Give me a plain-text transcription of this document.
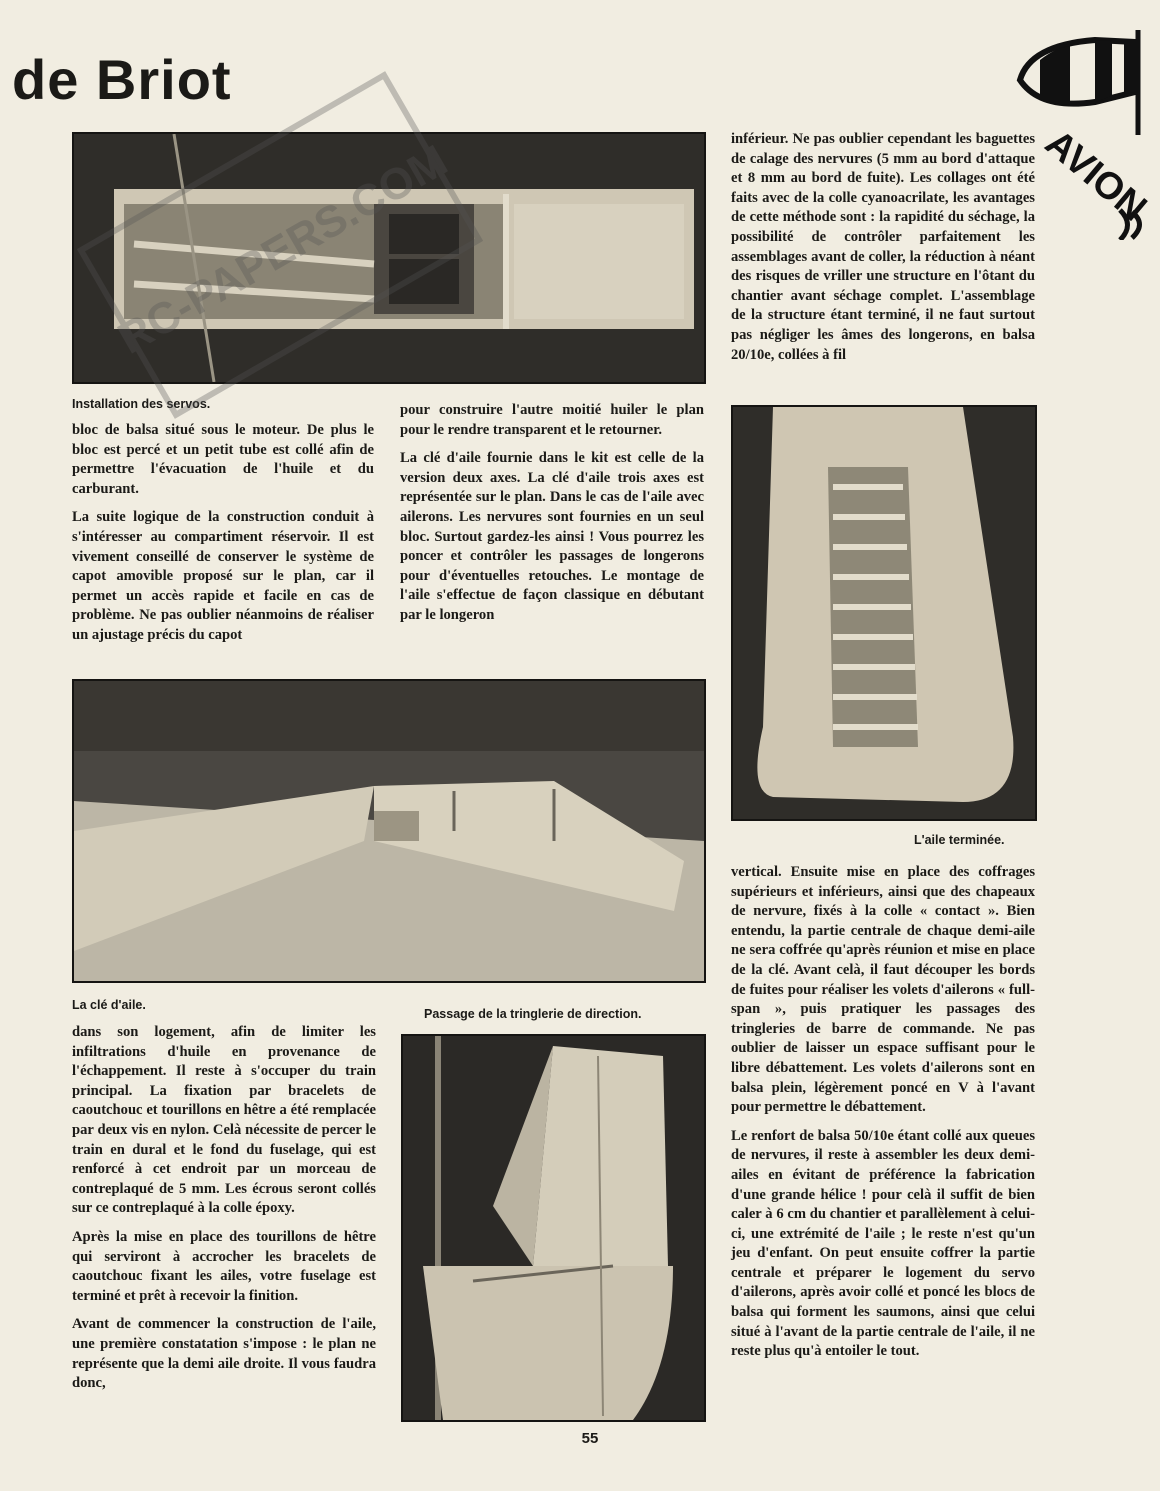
de Briot
AVION
Installation des servos.
RC-PAPERS.COM

bloc de balsa situé sous le moteur. De plus le bloc est percé et un petit tube est collé afin de permettre l'évacuation de l'huile et du carburant.

La suite logique de la construction conduit à s'intéresser au compartiment réservoir. Il est vivement conseillé de conserver le système de capot amovible proposé sur le plan, car il permet un accès rapide et facile en cas de problème. Ne pas oublier néanmoins de réaliser un ajustage précis du capot

pour construire l'autre moitié huiler le plan pour le rendre transparent et le retourner.

La clé d'aile fournie dans le kit est celle de la version deux axes. La clé d'aile trois axes est représentée sur le plan. Dans le cas de l'aile avec ailerons. Les nervures sont fournies en un seul bloc. Surtout gardez-les ainsi ! Vous pourrez les poncer et contrôler les passages de longerons pour d'éventuelles retouches. Le montage de l'aile s'effectue de façon classique en débutant par le longeron

inférieur. Ne pas oublier cependant les baguettes de calage des nervures (5 mm au bord d'attaque et 8 mm au bord de fuite). Les collages ont été faits avec de la colle cyanoacrilate, les avantages de cette méthode sont : la rapidité du séchage, la possibilité de contrôler parfaitement les assemblages avant de coller, la réduction à néant des risques de vriller une structure en l'ôtant du chantier avant séchage complet. L'assemblage de la structure étant terminé, il ne faut surtout pas négliger les âmes des longerons, en balsa 20/10e, collées à fil

L'aile terminée.
La clé d'aile.
Passage de la tringlerie de direction.

dans son logement, afin de limiter les infiltrations d'huile en provenance de l'échappement. Il reste à s'occuper du train principal. La fixation par bracelets de caoutchouc et tourillons en hêtre a été remplacée par deux vis en nylon. Celà nécessite de percer le train en dural et le fond du fuselage, qui est renforcé à cet endroit par un morceau de contreplaqué de 5 mm. Les écrous seront collés sur ce contreplaqué à la colle époxy.

Après la mise en place des tourillons de hêtre qui serviront à accrocher les bracelets de caoutchouc fixant les ailes, votre fuselage est terminé et prêt à recevoir la finition.

Avant de commencer la construction de l'aile, une première constatation s'impose : le plan ne représente que la demi aile droite. Il vous faudra donc,

vertical. Ensuite mise en place des coffrages supérieurs et inférieurs, ainsi que des chapeaux de nervure, fixés à la colle « contact ». Bien entendu, la partie centrale de chaque demi-aile ne sera coffrée qu'après réunion et mise en place de la clé. Avant celà, il faut découper les bords de fuites pour réaliser les volets d'ailerons « full-span », puis pratiquer les passages des tringleries de barre de commande. Ne pas oublier de laisser un espace suffisant pour le libre débattement. Les volets d'ailerons sont en balsa plein, légèrement poncé en V à l'avant pour permettre le débattement.

Le renfort de balsa 50/10e étant collé aux queues de nervures, il reste à assembler les deux demi-ailes en évitant de préférence la fabrication d'une grande hélice ! pour celà il suffit de bien caler à 6 cm du chantier et parallèlement à celui-ci, une extrémité de l'aile ; le reste n'est qu'un jeu d'enfant. On peut ensuite coffrer la partie centrale et préparer le logement du servo d'ailerons, après avoir collé et poncé les blocs de balsa qui forment les saumons, ainsi que celui situé à l'avant de la partie centrale de l'aile, il ne reste plus qu'à entoiler le tout.

55
